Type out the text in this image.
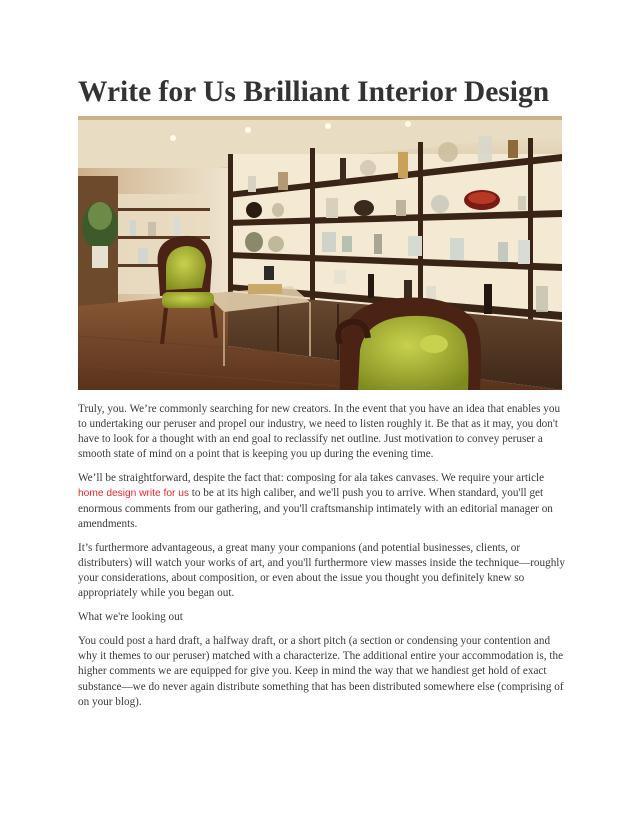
Write for Us Brilliant Interior Design

Truly, you. We’re commonly searching for new creators. In the event that you have an idea that enables you to undertaking our peruser and propel our industry, we need to listen roughly it. Be that as it may, you don't have to look for a thought with an end goal to reclassify net outline. Just motivation to convey peruser a smooth state of mind on a point that is keeping you up during the evening time.

We’ll be straightforward, despite the fact that: composing for ala takes canvases. We require your article home design write for us to be at its high caliber, and we'll push you to arrive. When standard, you'll get enormous comments from our gathering, and you'll craftsmanship intimately with an editorial manager on amendments.

It’s furthermore advantageous, a great many your companions (and potential businesses, clients, or distributers) will watch your works of art, and you'll furthermore view masses inside the technique—roughly your considerations, about composition, or even about the issue you thought you definitely knew so appropriately while you began out.

What we're looking out

You could post a hard draft, a halfway draft, or a short pitch (a section or condensing your contention and why it themes to our peruser) matched with a characterize. The additional entire your accommodation is, the higher comments we are equipped for give you. Keep in mind the way that we handiest get hold of exact substance—we do never again distribute something that has been distributed somewhere else (comprising of on your blog).
